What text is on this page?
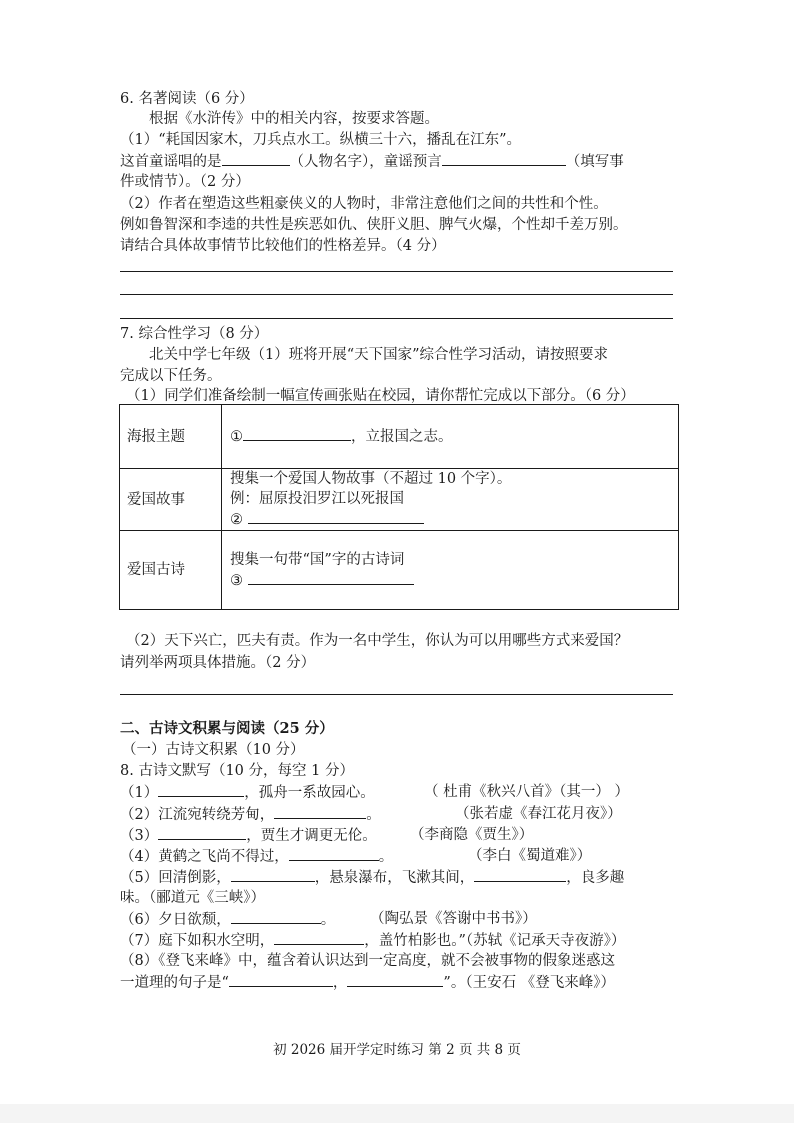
6. 名著阅读（6 分）
根据《水浒传》中的相关内容，按要求答题。
（1）“耗国因家木，刀兵点水工。纵横三十六，播乱在江东”。
这首童谣唱的是	（人物名字），童谣预言	（填写事
件或情节）。（2 分）
（2）作者在塑造这些粗豪侠义的人物时，非常注意他们之间的共性和个性。
例如鲁智深和李逵的共性是疾恶如仇、侠肝义胆、脾气火爆，个性却千差万别。
请结合具体故事情节比较他们的性格差异。（4 分）
7. 综合性学习（8 分）
北关中学七年级（1）班将开展“天下国家”综合性学习活动，请按照要求
完成以下任务。
（1）同学们准备绘制一幅宣传画张贴在校园，请你帮忙完成以下部分。（6 分）
海报主题	① ，立报国之志。
爱国故事	搜集一个爱国人物故事（不超过 10 个字）。
例：屈原投汨罗江以死报国
②

爱国古诗	搜集一句带“国”字的古诗词
③
（2）天下兴亡，匹夫有责。作为一名中学生，你认为可以用哪些方式来爱国？
请列举两项具体措施。（2 分）
二、古诗文积累与阅读（25 分）
（一）古诗文积累（10 分）
8. 古诗文默写（10 分，每空 1 分）
（1）	，孤舟一系故园心。	（ 杜甫《秋兴八首》（其一） ）
（2）江流宛转绕芳甸，	。	（张若虚《春江花月夜》）
（3）	，贾生才调更无伦。 （李商隐《贾生》）
（4）黄鹤之飞尚不得过，	。	（李白《蜀道难》）
（5）回清倒影，	，悬泉瀑布，飞漱其间，	，良多趣
味。（郦道元《三峡》）
（6）夕日欲颓，	。 （陶弘景《答谢中书书》）
（7）庭下如积水空明，	，盖竹柏影也。”（苏轼《记承天寺夜游》）
（8）《登飞来峰》中，蕴含着认识达到一定高度，就不会被事物的假象迷惑这
一道理的句子是“	，	”。（王安石 《登飞来峰》）
初 2026 届开学定时练习 第 2 页 共 8 页
